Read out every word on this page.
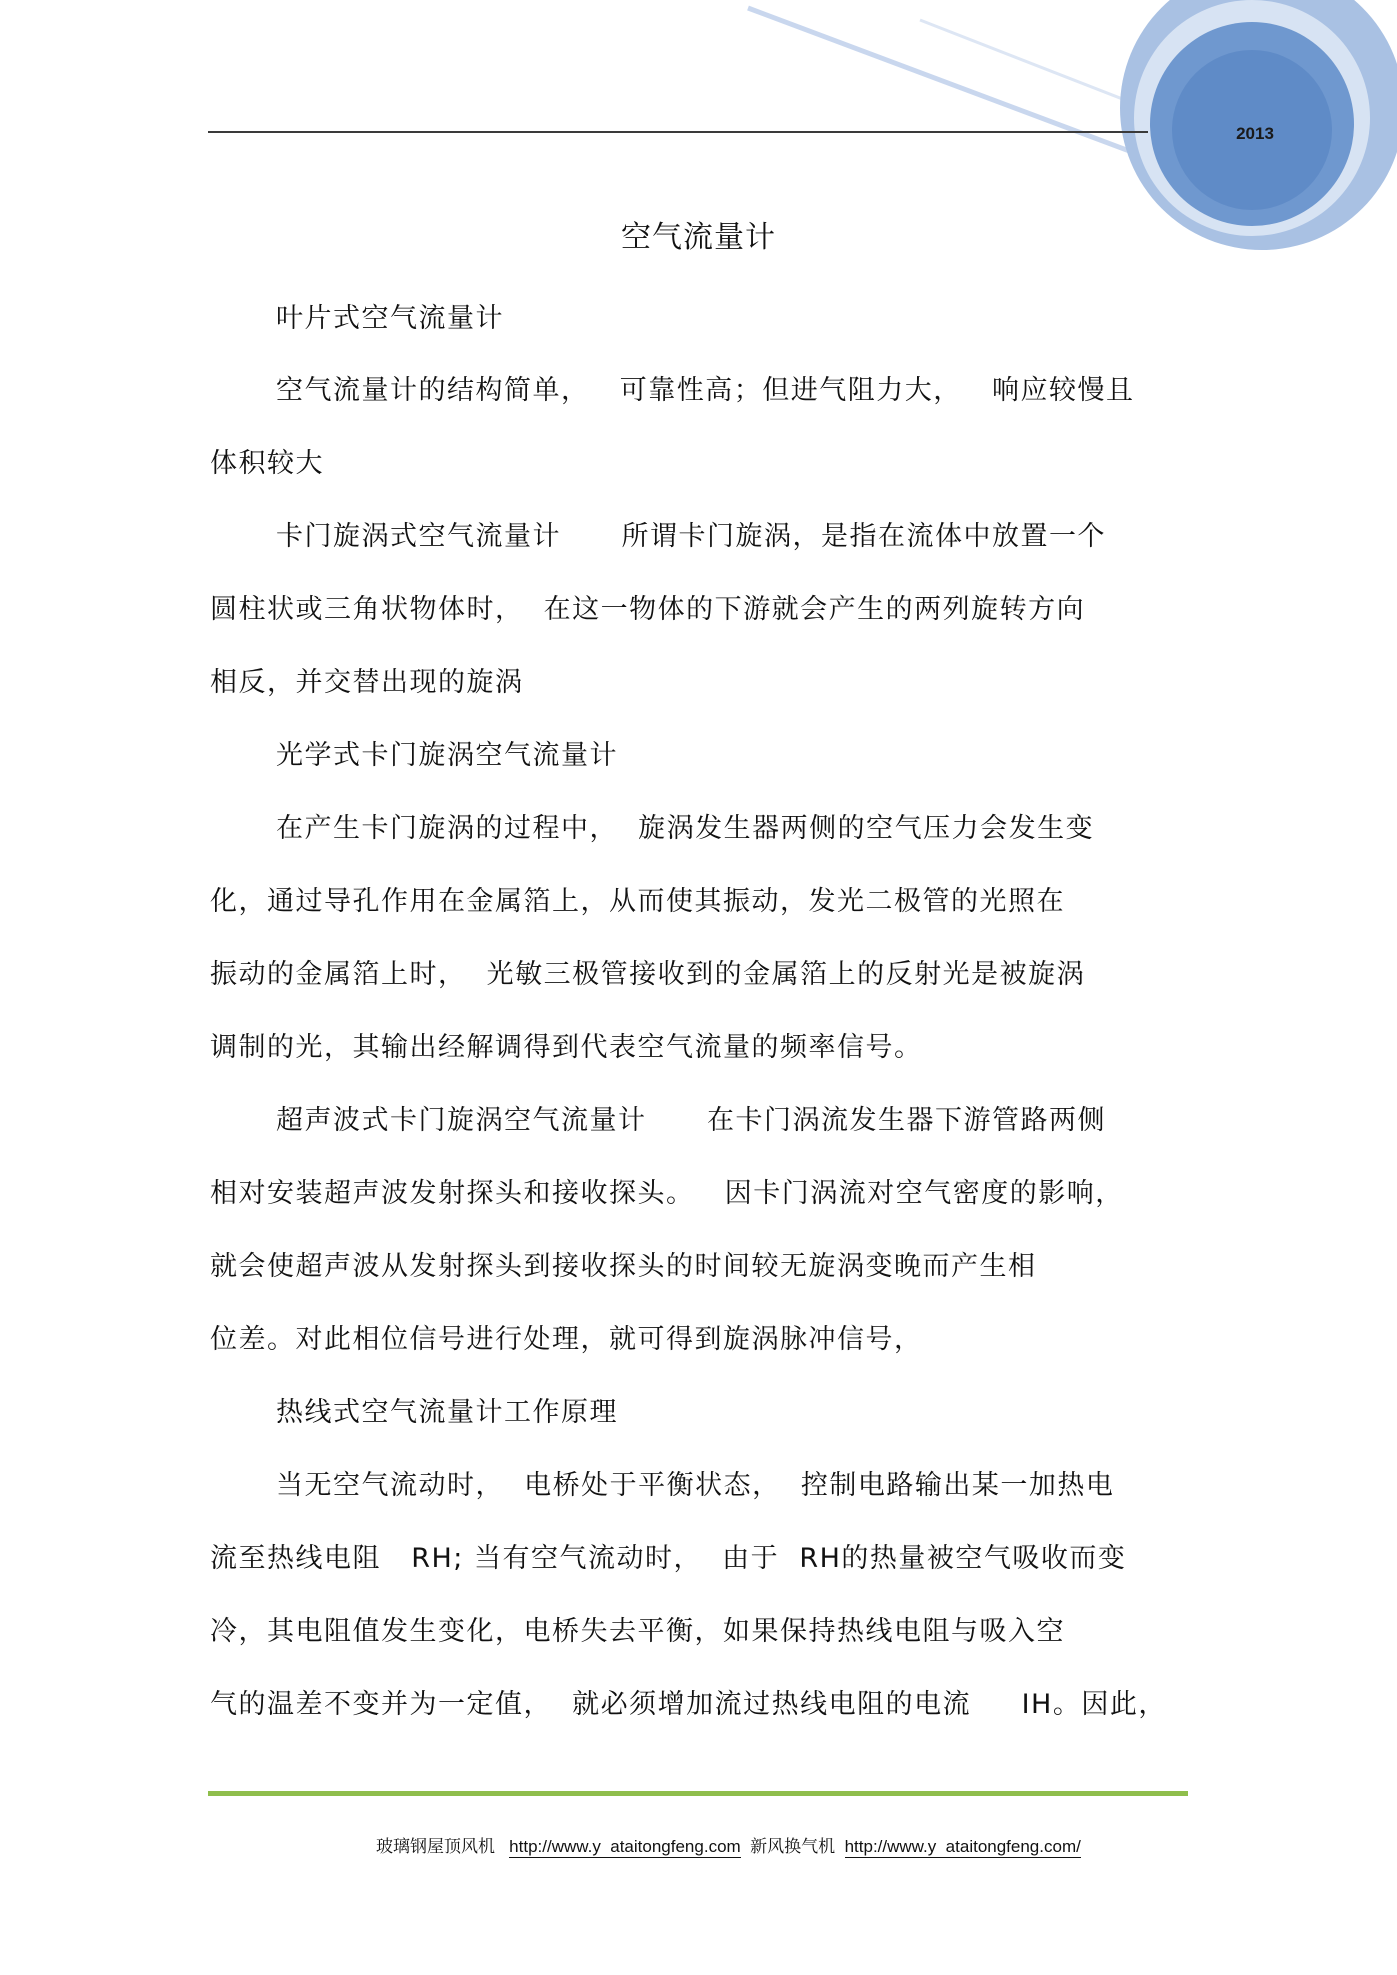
2013
空气流量计
叶片式空气流量计
空气流量计的结构简单，   可靠性高；但进气阻力大，   响应较慢且
体积较大
卡门旋涡式空气流量计      所谓卡门旋涡，是指在流体中放置一个
圆柱状或三角状物体时，  在这一物体的下游就会产生的两列旋转方向
相反，并交替出现的旋涡
光学式卡门旋涡空气流量计
在产生卡门旋涡的过程中，  旋涡发生器两侧的空气压力会发生变
化，通过导孔作用在金属箔上，从而使其振动，发光二极管的光照在
振动的金属箔上时，  光敏三极管接收到的金属箔上的反射光是被旋涡
调制的光，其输出经解调得到代表空气流量的频率信号。
超声波式卡门旋涡空气流量计      在卡门涡流发生器下游管路两侧
相对安装超声波发射探头和接收探头。   因卡门涡流对空气密度的影响，
就会使超声波从发射探头到接收探头的时间较无旋涡变晚而产生相
位差。对此相位信号进行处理，就可得到旋涡脉冲信号，
热线式空气流量计工作原理
当无空气流动时，  电桥处于平衡状态，  控制电路输出某一加热电
流至热线电阻   RH; 当有空气流动时，  由于  RH的热量被空气吸收而变
冷，其电阻值发生变化，电桥失去平衡，如果保持热线电阻与吸入空
气的温差不变并为一定值，  就必须增加流过热线电阻的电流     IH。因此，
玻璃钢屋顶风机 http://www.y  ataitongfeng.com 新风换气机 http://www.y  ataitongfeng.com/
